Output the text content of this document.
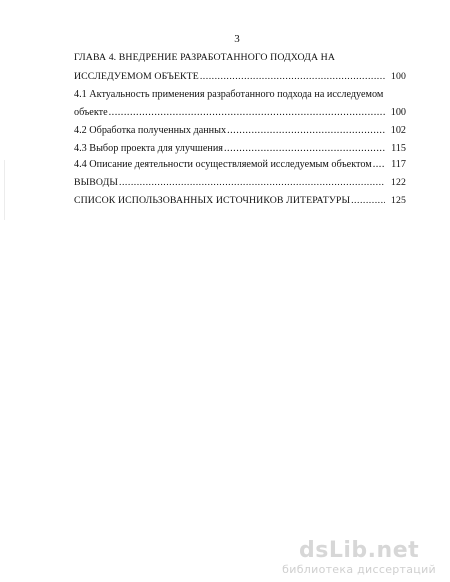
3
ГЛАВА 4. ВНЕДРЕНИЕ РАЗРАБОТАННОГО ПОДХОДА НА
ИССЛЕДУЕМОМ ОБЪЕКТЕ .....	100
4.1 Актуальность применения разработанного подхода на исследуемом
объекте .....	100
4.2 Обработка полученных данных .....	102
4.3 Выбор проекта для улучшения .....	115
4.4 Описание деятельности осуществляемой исследуемым объектом .....	117
ВЫВОДЫ .....	122
СПИСОК ИСПОЛЬЗОВАННЫХ ИСТОЧНИКОВ ЛИТЕРАТУРЫ .....	125
dsLib.net
библиотека диссертаций
